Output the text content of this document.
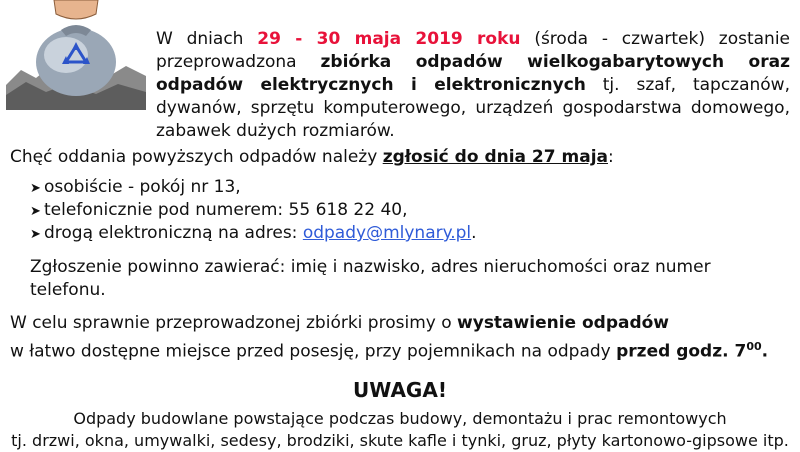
W dniach 29 - 30 maja 2019 roku (środa - czwartek) zostanie przeprowadzona zbiórka odpadów wielkogabarytowych oraz odpadów elektrycznych i elektronicznych tj. szaf, tapczanów, dywanów, sprzętu komputerowego, urządzeń gospodarstwa domowego, zabawek dużych rozmiarów.
Chęć oddania powyższych odpadów należy zgłosić do dnia 27 maja:
➤ osobiście - pokój nr 13,
➤ telefonicznie pod numerem: 55 618 22 40,
➤ drogą elektroniczną na adres: odpady@mlynary.pl.
Zgłoszenie powinno zawierać: imię i nazwisko, adres nieruchomości oraz numer
telefonu.
W celu sprawnie przeprowadzonej zbiórki prosimy o wystawienie odpadów
w łatwo dostępne miejsce przed posesję, przy pojemnikach na odpady przed godz. $7^{00}$.
UWAGA!
Odpady budowlane powstające podczas budowy, demontażu i prac remontowych
tj. drzwi, okna, umywalki, sedesy, brodziki, skute kafle i tynki, gruz, płyty kartonowo-gipsowe itp.
